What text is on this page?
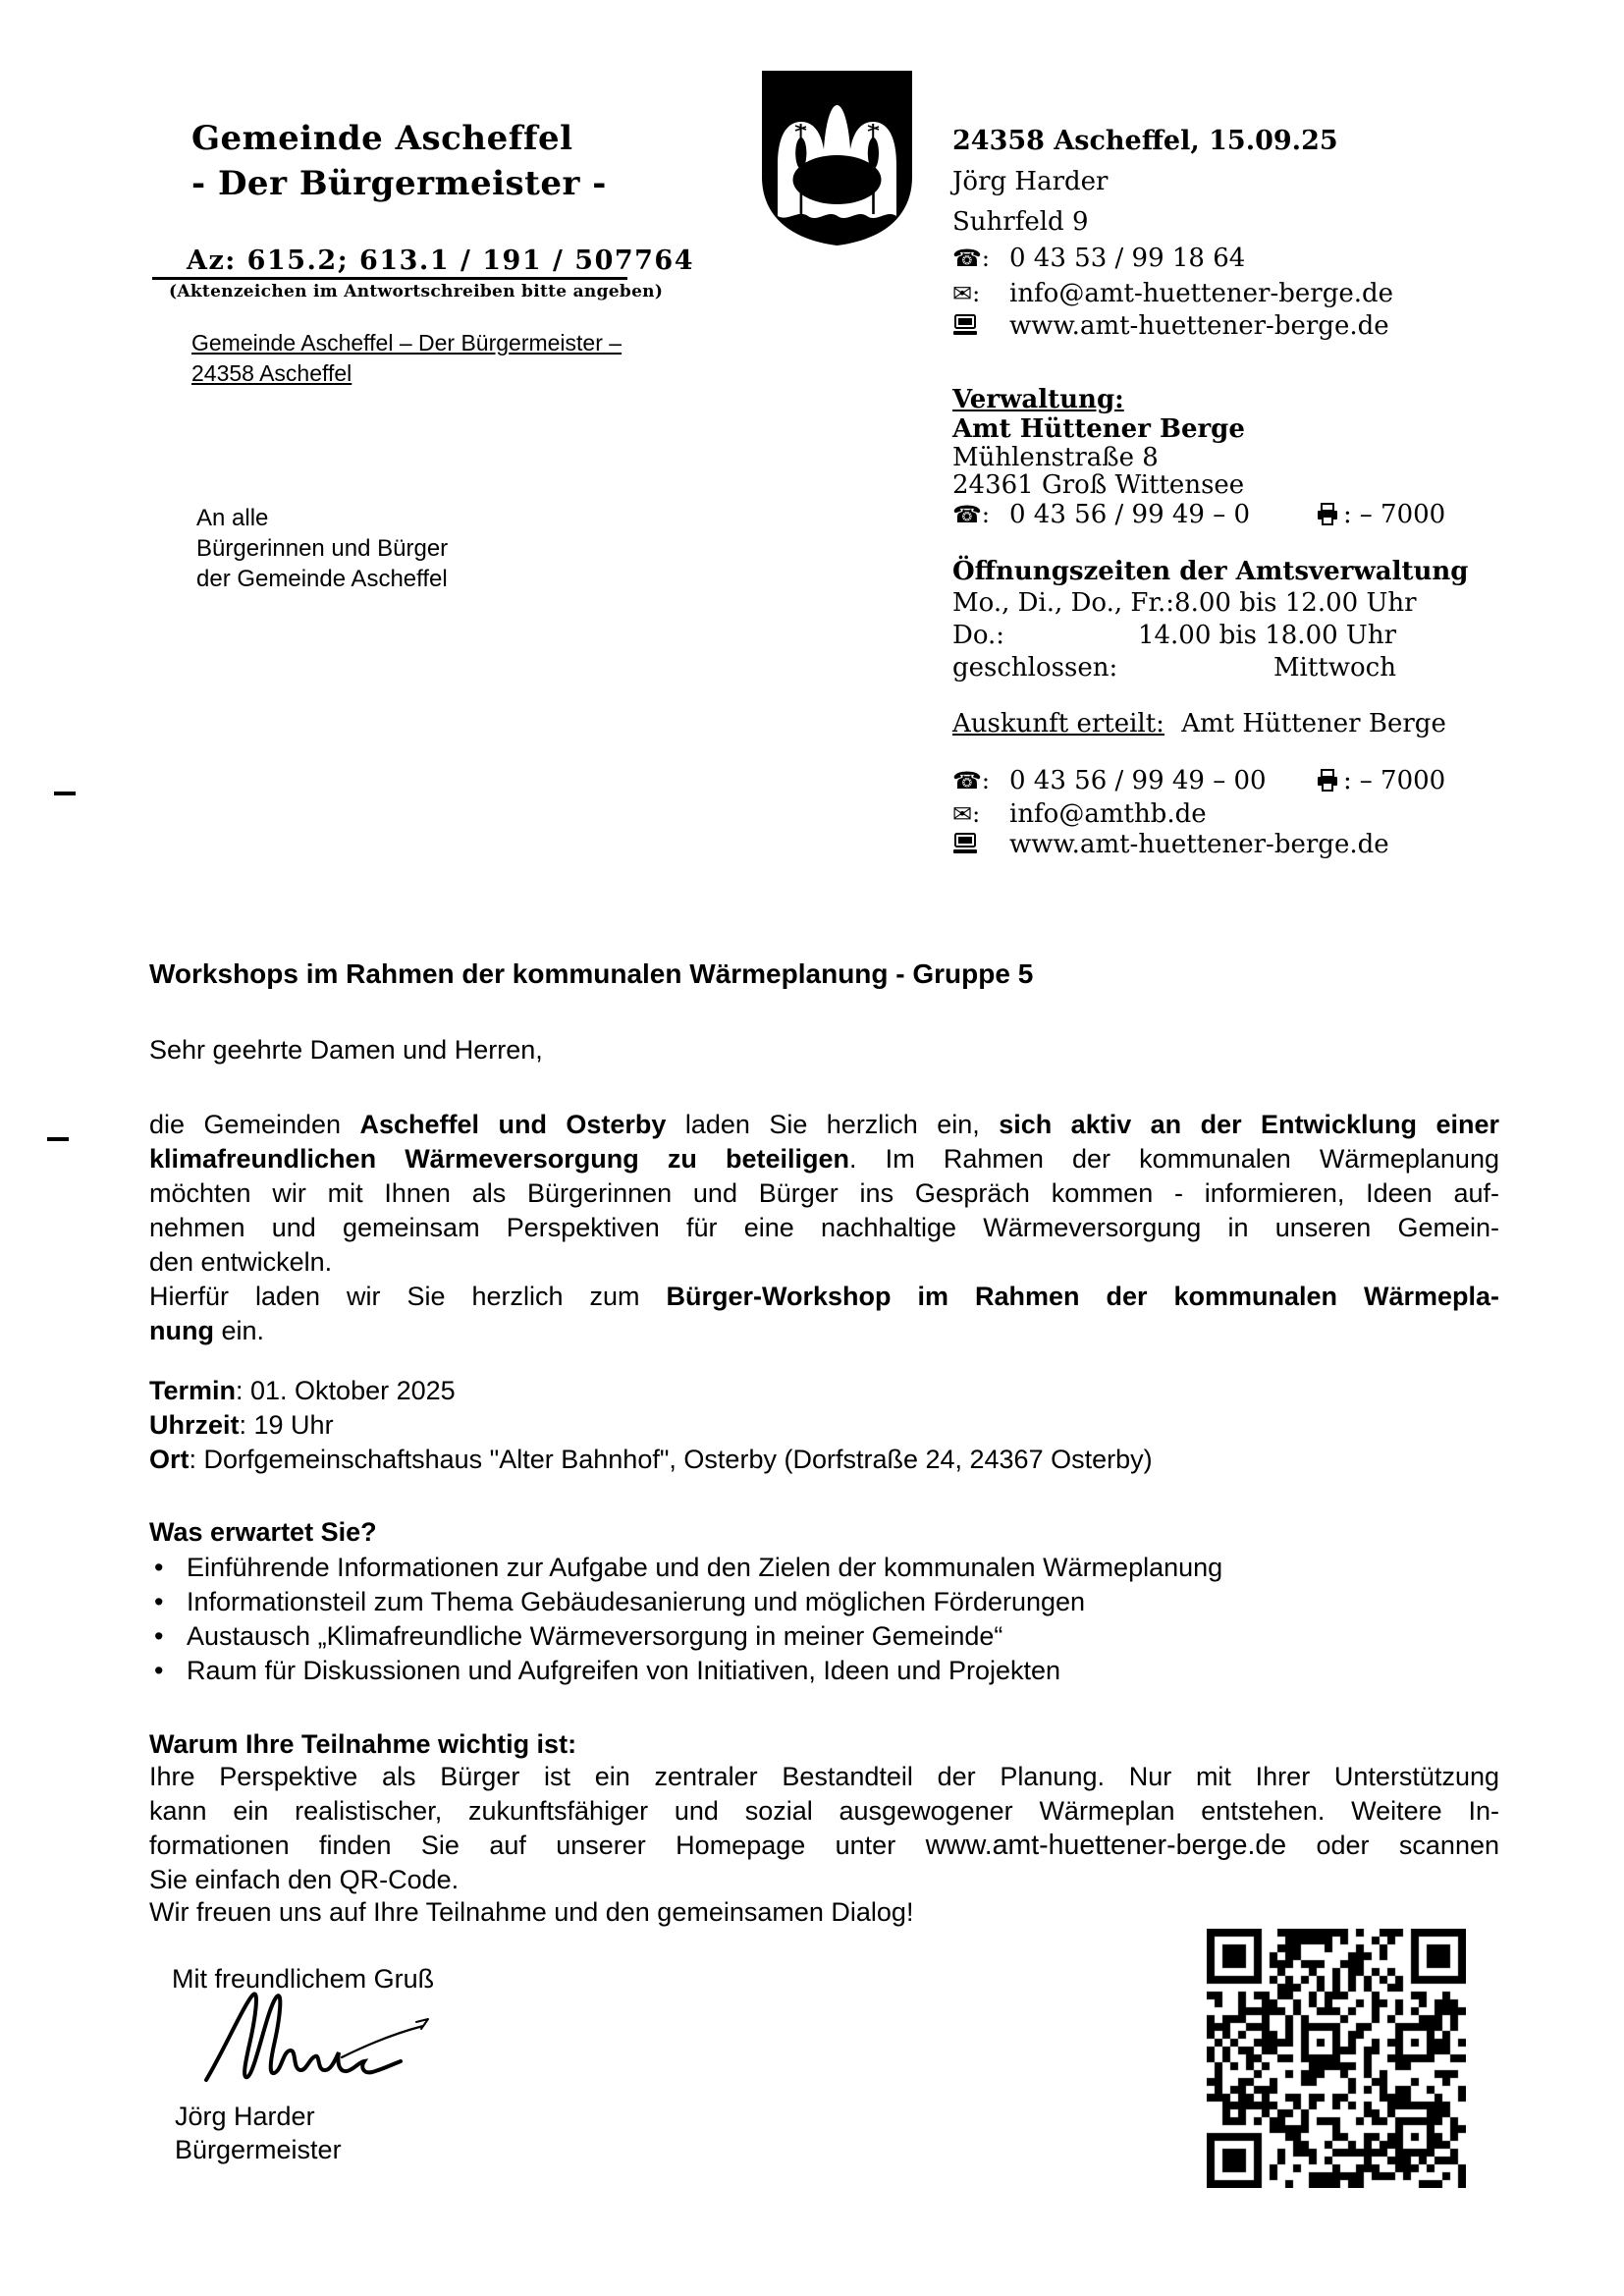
Gemeinde Ascheffel
- Der Bürgermeister -
Az: 615.2; 613.1 / 191 / 507764
(Aktenzeichen im Antwortschreiben bitte angeben)
Gemeinde Ascheffel – Der Bürgermeister –
24358 Ascheffel
An alle
Bürgerinnen und Bürger
der Gemeinde Ascheffel
24358 Ascheffel, 15.09.25
Jörg Harder
Suhrfeld 9
☎: 0 43 53 / 99 18 64
✉:	info@amt-huettener-berge.de
www.amt-huettener-berge.de
Verwaltung:
Amt Hüttener Berge
Mühlenstraße 8
24361 Groß Wittensee
☎: 0 43 56 / 99 49 – 0	: – 7000
Öffnungszeiten der Amtsverwaltung
Mo., Di., Do., Fr.: 8.00 bis 12.00 Uhr
Do.:	14.00 bis 18.00 Uhr
geschlossen:	Mittwoch
Auskunft erteilt: Amt Hüttener Berge
☎: 0 43 56 / 99 49 – 00	: – 7000
✉:	info@amthb.de
www.amt-huettener-berge.de
Workshops im Rahmen der kommunalen Wärmeplanung - Gruppe 5
Sehr geehrte Damen und Herren,
die Gemeinden Ascheffel und Osterby laden Sie herzlich ein, sich aktiv an der Entwicklung einer
klimafreundlichen Wärmeversorgung zu beteiligen. Im Rahmen der kommunalen Wärmeplanung
möchten wir mit Ihnen als Bürgerinnen und Bürger ins Gespräch kommen - informieren, Ideen auf-
nehmen und gemeinsam Perspektiven für eine nachhaltige Wärmeversorgung in unseren Gemein-
den entwickeln.
Hierfür laden wir Sie herzlich zum Bürger-Workshop im Rahmen der kommunalen Wärmepla-
nung ein.
Termin: 01. Oktober 2025
Uhrzeit: 19 Uhr
Ort: Dorfgemeinschaftshaus "Alter Bahnhof", Osterby (Dorfstraße 24, 24367 Osterby)
Was erwartet Sie?
• Einführende Informationen zur Aufgabe und den Zielen der kommunalen Wärmeplanung
• Informationsteil zum Thema Gebäudesanierung und möglichen Förderungen
• Austausch „Klimafreundliche Wärmeversorgung in meiner Gemeinde“
• Raum für Diskussionen und Aufgreifen von Initiativen, Ideen und Projekten
Warum Ihre Teilnahme wichtig ist:
Ihre Perspektive als Bürger ist ein zentraler Bestandteil der Planung. Nur mit Ihrer Unterstützung
kann ein realistischer, zukunftsfähiger und sozial ausgewogener Wärmeplan entstehen. Weitere In-
formationen finden Sie auf unserer Homepage unter www.amt-huettener-berge.de oder scannen
Sie einfach den QR-Code.
Wir freuen uns auf Ihre Teilnahme und den gemeinsamen Dialog!
Mit freundlichem Gruß
Jörg Harder
Bürgermeister
